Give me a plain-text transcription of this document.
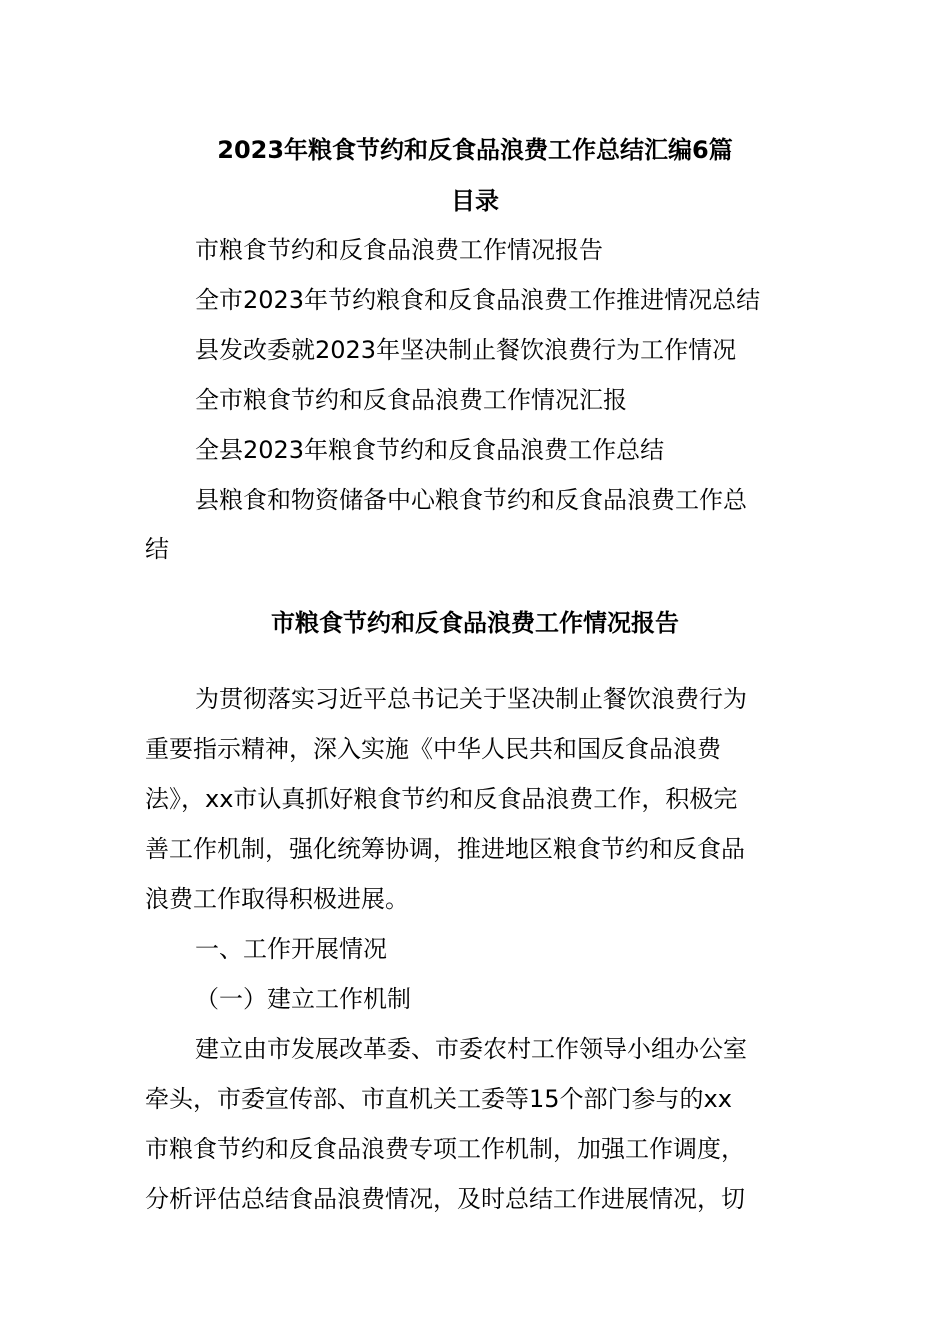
2023年粮食节约和反食品浪费工作总结汇编6篇
目录
市粮食节约和反食品浪费工作情况报告
全市2023年节约粮食和反食品浪费工作推进情况总结
县发改委就2023年坚决制止餐饮浪费行为工作情况
全市粮食节约和反食品浪费工作情况汇报
全县2023年粮食节约和反食品浪费工作总结
县粮食和物资储备中心粮食节约和反食品浪费工作总
结
市粮食节约和反食品浪费工作情况报告
为贯彻落实习近平总书记关于坚决制止餐饮浪费行为
重要指示精神，深入实施《中华人民共和国反食品浪费
法》，xx市认真抓好粮食节约和反食品浪费工作，积极完
善工作机制，强化统筹协调，推进地区粮食节约和反食品
浪费工作取得积极进展。
一、工作开展情况
（一）建立工作机制
建立由市发展改革委、市委农村工作领导小组办公室
牵头，市委宣传部、市直机关工委等15个部门参与的xx
市粮食节约和反食品浪费专项工作机制，加强工作调度，
分析评估总结食品浪费情况，及时总结工作进展情况，切
